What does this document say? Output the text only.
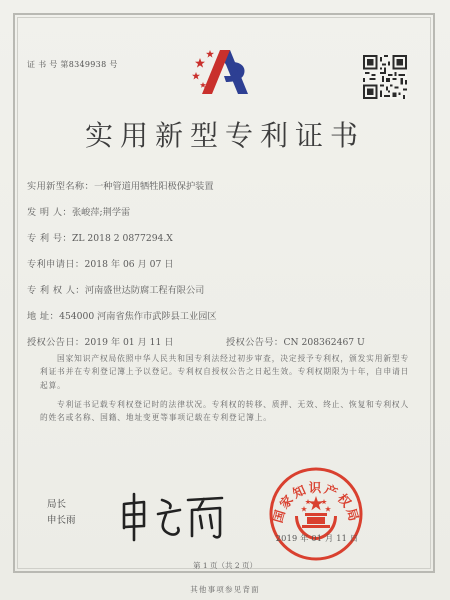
证 书 号 第8349938 号
实用新型专利证书
实用新型名称：一种管道用牺牲阳极保护装置
发 明 人：张峻萍;荆学雷
专 利 号：ZL 2018 2 0877294.X
专利申请日：2018 年 06 月 07 日
专 利 权 人：河南盛世达防腐工程有限公司
地 址：454000 河南省焦作市武陟县工业园区
授权公告日：2019 年 01 月 11 日	授权公告号：CN 208362467 U
国家知识产权局依照中华人民共和国专利法经过初步审查，决定授予专利权，颁发实用新型专利证书并在专利登记簿上予以登记。专利权自授权公告之日起生效。专利权期限为十年，自申请日起算。
专利证书记载专利权登记时的法律状况。专利权的转移、质押、无效、终止、恢复和专利权人的姓名或名称、国籍、地址变更等事项记载在专利登记簿上。
国家知识产权局
局长
申长雨
2019 年 01 月 11 日
第 1 页（共 2 页）
其他事项参见背面
